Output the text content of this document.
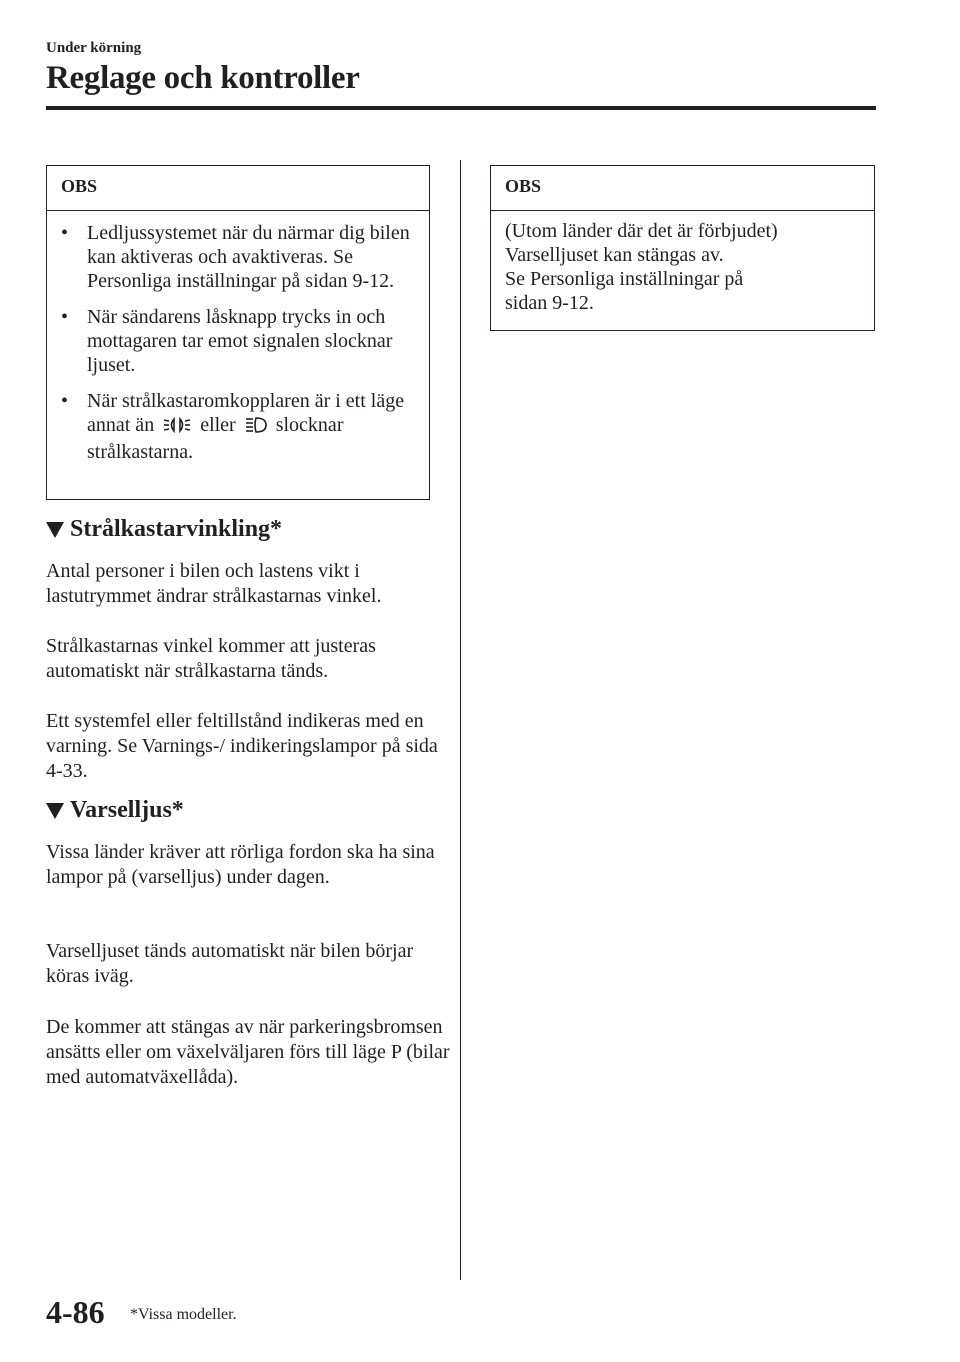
Under körning
Reglage och kontroller
OBS
• Ledljussystemet när du närmar dig bilen kan aktiveras och avaktiveras. Se Personliga inställningar på sidan 9-12.
• När sändarens låsknapp trycks in och mottagaren tar emot signalen slocknar ljuset.
• När strålkastaromkopplaren är i ett läge annat än eller slocknar strålkastarna.
Strålkastarvinkling*
Antal personer i bilen och lastens vikt i lastutrymmet ändrar strålkastarnas vinkel.
Strålkastarnas vinkel kommer att justeras automatiskt när strålkastarna tänds.
Ett systemfel eller feltillstånd indikeras med en varning. Se Varnings-/ indikeringslampor på sida 4-33.
Varselljus*
Vissa länder kräver att rörliga fordon ska ha sina lampor på (varselljus) under dagen.
Varselljuset tänds automatiskt när bilen börjar köras iväg.
De kommer att stängas av när parkeringsbromsen ansätts eller om växelväljaren förs till läge P (bilar med automatväxellåda).
OBS
(Utom länder där det är förbjudet)
Varselljuset kan stängas av.
Se Personliga inställningar på
sidan 9-12.
4-86 *Vissa modeller.
